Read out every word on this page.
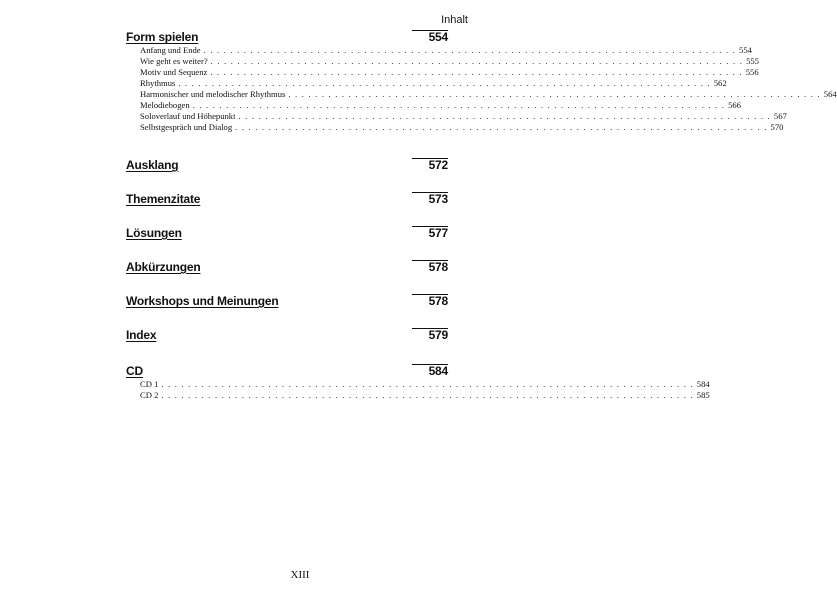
Inhalt
Form spielen	554
Anfang und Ende . . . . . . . . . . . . . . . . . . . . . . . . . . . . . . . . . . . . . . . . . . . . . . . . . . . . . . . . . . . . . . . . . . . . . . . . . . . . . . . . 554
Wie geht es weiter? . . . . . . . . . . . . . . . . . . . . . . . . . . . . . . . . . . . . . . . . . . . . . . . . . . . . . . . . . . . . . . . . . . . . . . . . . . . . . . . . 555
Motiv und Sequenz . . . . . . . . . . . . . . . . . . . . . . . . . . . . . . . . . . . . . . . . . . . . . . . . . . . . . . . . . . . . . . . . . . . . . . . . . . . . . . . . 556
Rhythmus . . . . . . . . . . . . . . . . . . . . . . . . . . . . . . . . . . . . . . . . . . . . . . . . . . . . . . . . . . . . . . . . . . . . . . . . . . . . . . . . 562
Harmonischer und melodischer Rhythmus . . . . . . . . . . . . . . . . . . . . . . . . . . . . . . . . . . . . . . . . . . . . . . . . . . . . . . . . . . . . . . . . . . . . . . . . . . . . . . . . 564
Melodiebogen . . . . . . . . . . . . . . . . . . . . . . . . . . . . . . . . . . . . . . . . . . . . . . . . . . . . . . . . . . . . . . . . . . . . . . . . . . . . . . . . 566
Soloverlauf und Höhepunkt . . . . . . . . . . . . . . . . . . . . . . . . . . . . . . . . . . . . . . . . . . . . . . . . . . . . . . . . . . . . . . . . . . . . . . . . . . . . . . . . 567
Selbstgespräch und Dialog . . . . . . . . . . . . . . . . . . . . . . . . . . . . . . . . . . . . . . . . . . . . . . . . . . . . . . . . . . . . . . . . . . . . . . . . . . . . . . . . 570
Ausklang	572
Themenzitate	573
Lösungen	577
Abkürzungen	578
Workshops und Meinungen	578
Index	579
CD	584
CD 1 . . . . . . . . . . . . . . . . . . . . . . . . . . . . . . . . . . . . . . . . . . . . . . . . . . . . . . . . . . . . . . . . . . . . . . . . . . . . . . . . 584
CD 2 . . . . . . . . . . . . . . . . . . . . . . . . . . . . . . . . . . . . . . . . . . . . . . . . . . . . . . . . . . . . . . . . . . . . . . . . . . . . . . . . 585
XIII
